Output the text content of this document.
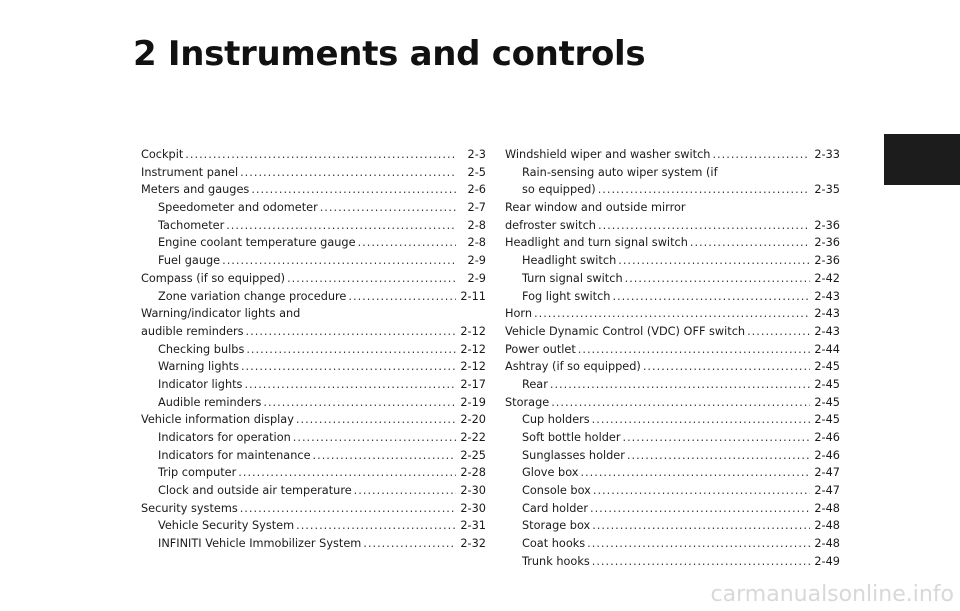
2 Instruments and controls
Cockpit .....	2-3
Instrument panel .....	2-5
Meters and gauges .....	2-6
Speedometer and odometer .....	2-7
Tachometer .....	2-8
Engine coolant temperature gauge .....	2-8
Fuel gauge .....	2-9
Compass (if so equipped) .....	2-9
Zone variation change procedure .....	2-11
Warning/indicator lights and
audible reminders .....	2-12
Checking bulbs .....	2-12
Warning lights .....	2-12
Indicator lights .....	2-17
Audible reminders .....	2-19
Vehicle information display .....	2-20
Indicators for operation .....	2-22
Indicators for maintenance .....	2-25
Trip computer .....	2-28
Clock and outside air temperature .....	2-30
Security systems .....	2-30
Vehicle Security System .....	2-31
INFINITI Vehicle Immobilizer System .....	2-32
Windshield wiper and washer switch .....	2-33
Rain-sensing auto wiper system (if
so equipped) .....	2-35
Rear window and outside mirror
defroster switch .....	2-36
Headlight and turn signal switch .....	2-36
Headlight switch .....	2-36
Turn signal switch .....	2-42
Fog light switch .....	2-43
Horn .....	2-43
Vehicle Dynamic Control (VDC) OFF switch .....	2-43
Power outlet .....	2-44
Ashtray (if so equipped) .....	2-45
Rear .....	2-45
Storage .....	2-45
Cup holders .....	2-45
Soft bottle holder .....	2-46
Sunglasses holder .....	2-46
Glove box .....	2-47
Console box .....	2-47
Card holder .....	2-48
Storage box .....	2-48
Coat hooks .....	2-48
Trunk hooks .....	2-49
carmanualsonline.info
